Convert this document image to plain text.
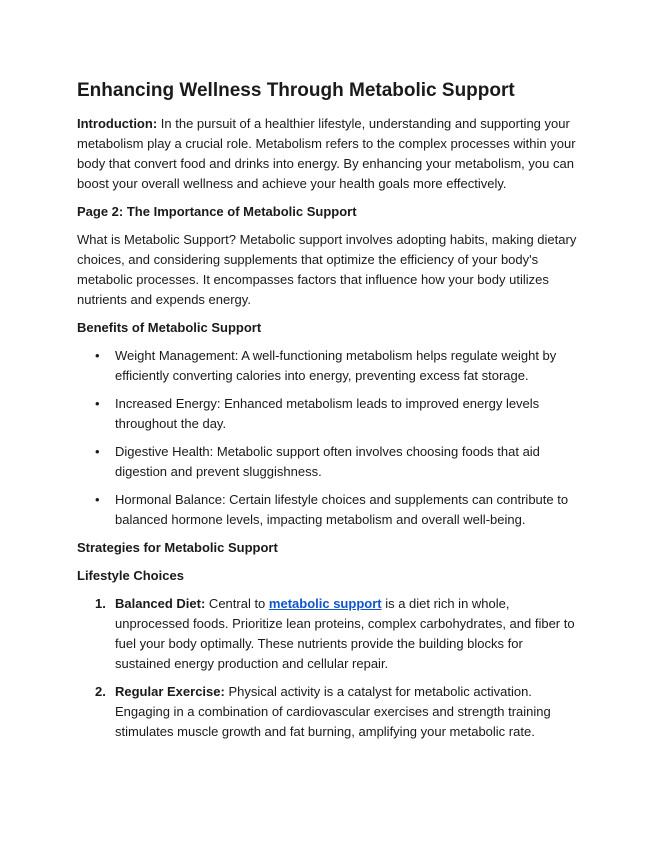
Enhancing Wellness Through Metabolic Support

Introduction: In the pursuit of a healthier lifestyle, understanding and supporting your metabolism play a crucial role. Metabolism refers to the complex processes within your body that convert food and drinks into energy. By enhancing your metabolism, you can boost your overall wellness and achieve your health goals more effectively.

Page 2: The Importance of Metabolic Support

What is Metabolic Support? Metabolic support involves adopting habits, making dietary choices, and considering supplements that optimize the efficiency of your body's metabolic processes. It encompasses factors that influence how your body utilizes nutrients and expends energy.

Benefits of Metabolic Support

• Weight Management: A well-functioning metabolism helps regulate weight by efficiently converting calories into energy, preventing excess fat storage.
• Increased Energy: Enhanced metabolism leads to improved energy levels throughout the day.
• Digestive Health: Metabolic support often involves choosing foods that aid digestion and prevent sluggishness.
• Hormonal Balance: Certain lifestyle choices and supplements can contribute to balanced hormone levels, impacting metabolism and overall well-being.

Strategies for Metabolic Support

Lifestyle Choices

1. Balanced Diet: Central to metabolic support is a diet rich in whole, unprocessed foods. Prioritize lean proteins, complex carbohydrates, and fiber to fuel your body optimally. These nutrients provide the building blocks for sustained energy production and cellular repair.
2. Regular Exercise: Physical activity is a catalyst for metabolic activation. Engaging in a combination of cardiovascular exercises and strength training stimulates muscle growth and fat burning, amplifying your metabolic rate.
